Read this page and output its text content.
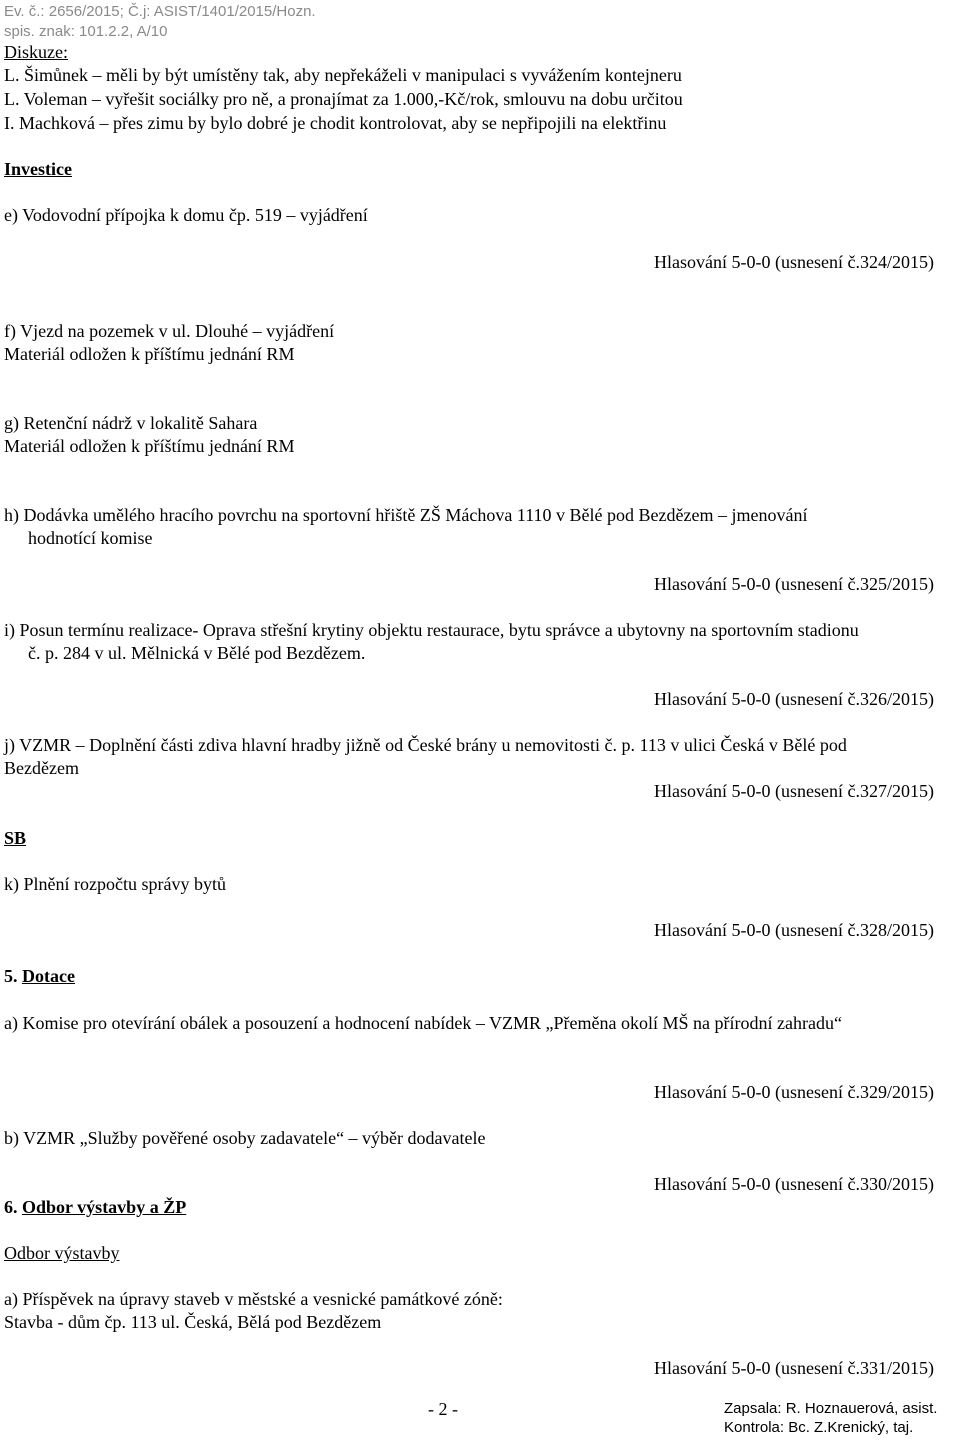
Ev. č.: 2656/2015; Č.j: ASIST/1401/2015/Hozn.
spis. znak: 101.2.2, A/10
Diskuze:
L. Šimůnek – měli by být umístěny tak, aby nepřekáželi v manipulaci s vyvážením kontejneru
L. Voleman – vyřešit sociálky pro ně, a pronajímat za 1.000,-Kč/rok, smlouvu na dobu určitou
I. Machková – přes zimu by bylo dobré je chodit kontrolovat, aby se nepřipojili na elektřinu
Investice
e) Vodovodní přípojka k domu čp. 519 – vyjádření
Hlasování 5-0-0 (usnesení č.324/2015)
f) Vjezd na pozemek v ul. Dlouhé – vyjádření
Materiál odložen k příštímu jednání RM
g) Retenční nádrž v lokalitě Sahara
Materiál odložen k příštímu jednání RM
h) Dodávka umělého hracího povrchu na sportovní hřiště ZŠ Máchova 1110 v Bělé pod Bezdězem – jmenování
hodnotící komise
Hlasování 5-0-0 (usnesení č.325/2015)
i) Posun termínu realizace- Oprava střešní krytiny objektu restaurace, bytu správce a ubytovny na sportovním stadionu
č. p. 284 v ul. Mělnická v Bělé pod Bezdězem.
Hlasování 5-0-0 (usnesení č.326/2015)
j) VZMR – Doplnění části zdiva hlavní hradby jižně od České brány u nemovitosti č. p. 113 v ulici Česká v Bělé pod
Bezdězem
Hlasování 5-0-0 (usnesení č.327/2015)
SB
k) Plnění rozpočtu správy bytů
Hlasování 5-0-0 (usnesení č.328/2015)
5. Dotace
a) Komise pro otevírání obálek a posouzení a hodnocení nabídek – VZMR „Přeměna okolí MŠ na přírodní zahradu“
Hlasování 5-0-0 (usnesení č.329/2015)
b) VZMR „Služby pověřené osoby zadavatele“ – výběr dodavatele
Hlasování 5-0-0 (usnesení č.330/2015)
6. Odbor výstavby a ŽP
Odbor výstavby
a) Příspěvek na úpravy staveb v městské a vesnické památkové zóně:
Stavba - dům čp. 113 ul. Česká, Bělá pod Bezdězem
Hlasování 5-0-0 (usnesení č.331/2015)
- 2 -	Zapsala: R. Hoznauerová, asist.
Kontrola: Bc. Z.Krenický, taj.
